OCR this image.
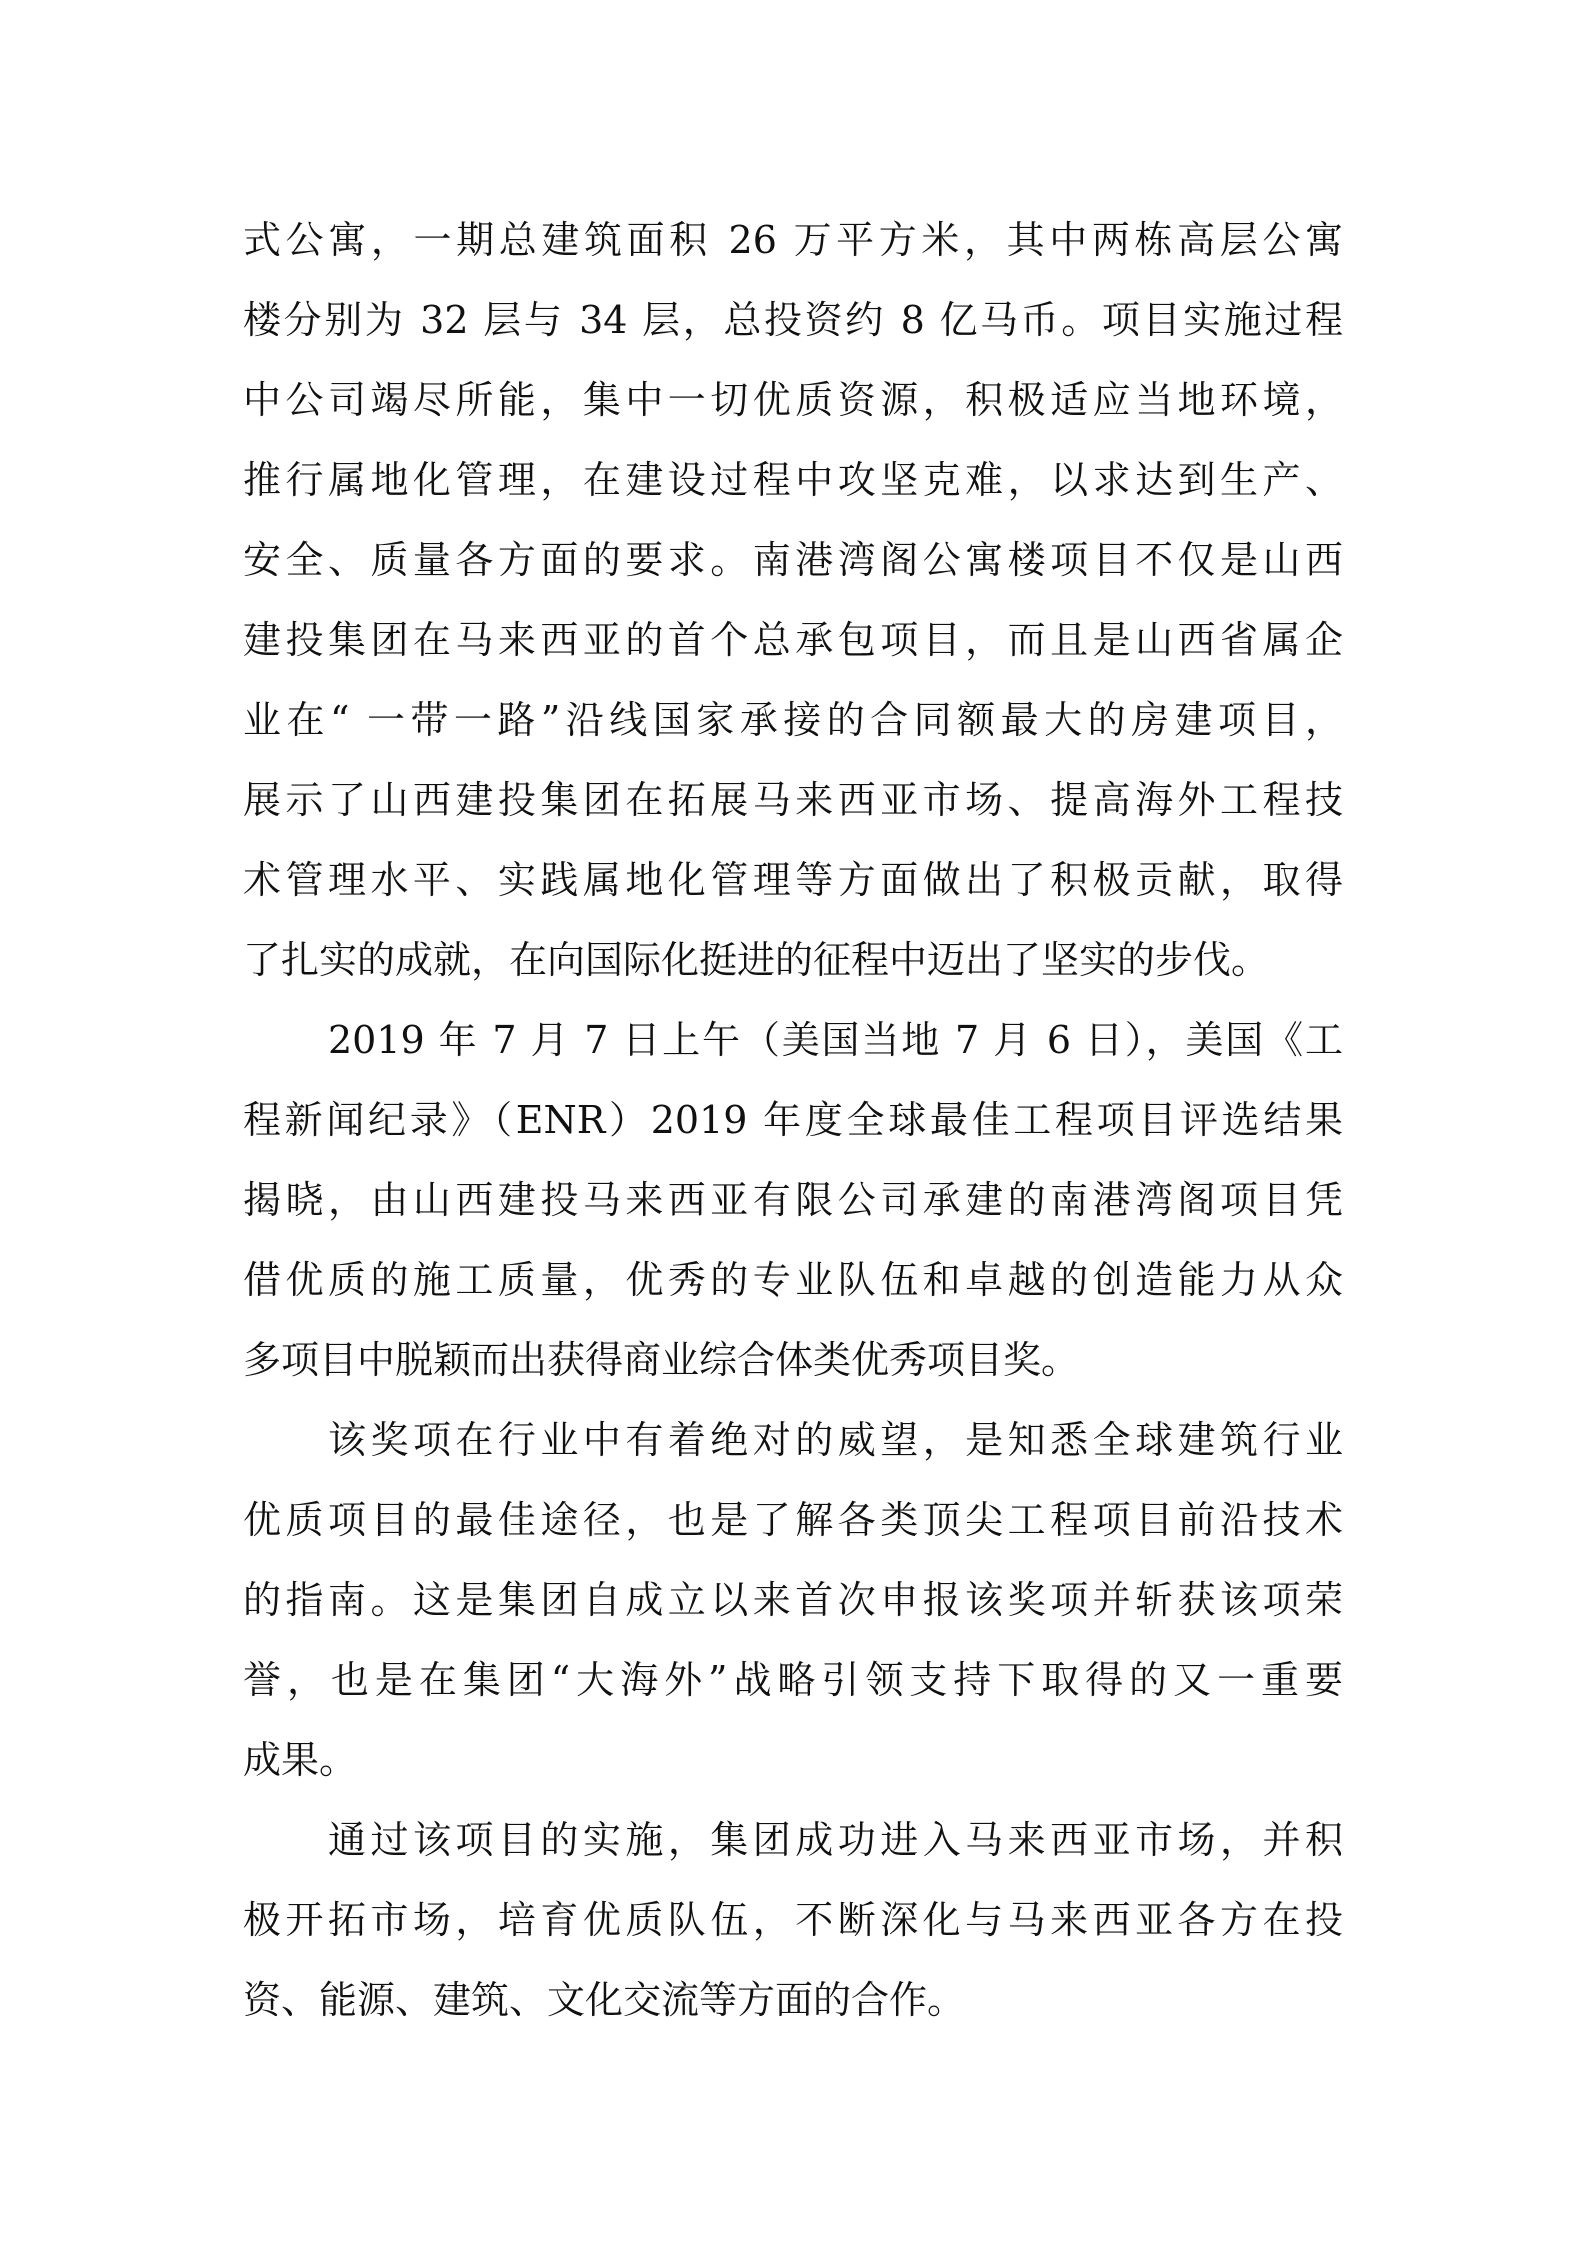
式公寓，一期总建筑面积 26 万平方米，其中两栋高层公寓
楼分别为 32 层与 34 层，总投资约 8 亿马币。项目实施过程
中公司竭尽所能，集中一切优质资源，积极适应当地环境，
推行属地化管理，在建设过程中攻坚克难，以求达到生产、
安全、质量各方面的要求。南港湾阁公寓楼项目不仅是山西
建投集团在马来西亚的首个总承包项目，而且是山西省属企
业在“ 一带一路”沿线国家承接的合同额最大的房建项目，
展示了山西建投集团在拓展马来西亚市场、提高海外工程技
术管理水平、实践属地化管理等方面做出了积极贡献，取得
了扎实的成就，在向国际化挺进的征程中迈出了坚实的步伐。
2019 年 7 月 7 日上午（美国当地 7 月 6 日），美国《工
程新闻纪录》（ENR）2019 年度全球最佳工程项目评选结果
揭晓，由山西建投马来西亚有限公司承建的南港湾阁项目凭
借优质的施工质量，优秀的专业队伍和卓越的创造能力从众
多项目中脱颖而出获得商业综合体类优秀项目奖。
该奖项在行业中有着绝对的威望，是知悉全球建筑行业
优质项目的最佳途径，也是了解各类顶尖工程项目前沿技术
的指南。这是集团自成立以来首次申报该奖项并斩获该项荣
誉，也是在集团“大海外”战略引领支持下取得的又一重要
成果。
通过该项目的实施，集团成功进入马来西亚市场，并积
极开拓市场，培育优质队伍，不断深化与马来西亚各方在投
资、能源、建筑、文化交流等方面的合作。
